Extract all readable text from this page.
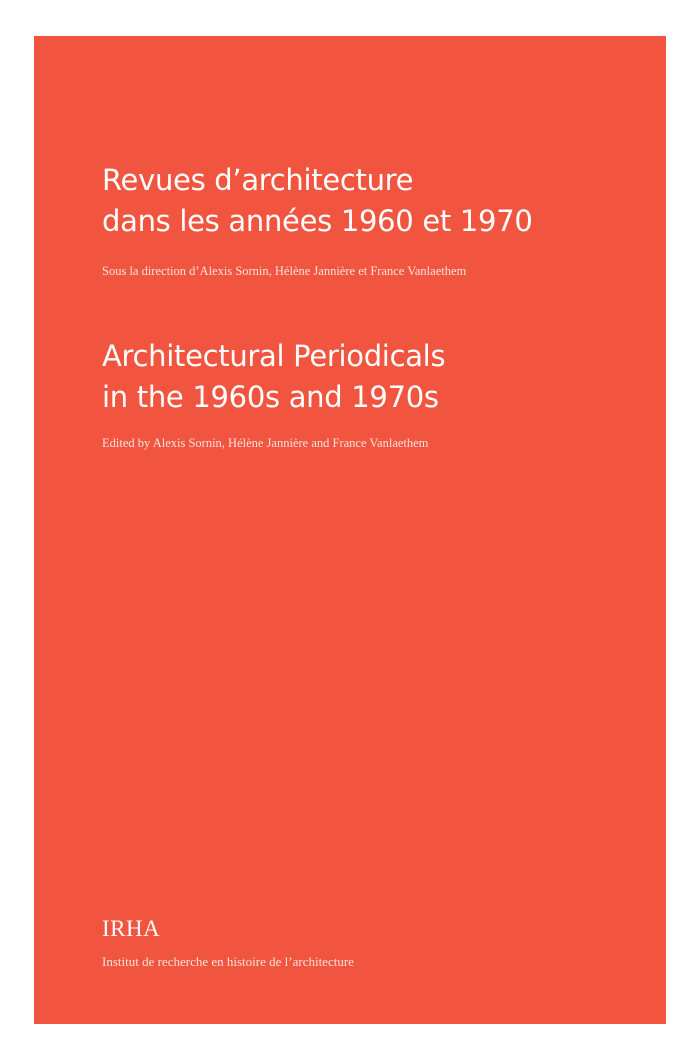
Revues d’architecture
dans les années 1960 et 1970
Sous la direction d’Alexis Sornin, Hélène Jannière et France Vanlaethem
Architectural Periodicals
in the 1960s and 1970s
Edited by Alexis Sornin, Hélène Jannière and France Vanlaethem
IRHA
Institut de recherche en histoire de l’architecture
